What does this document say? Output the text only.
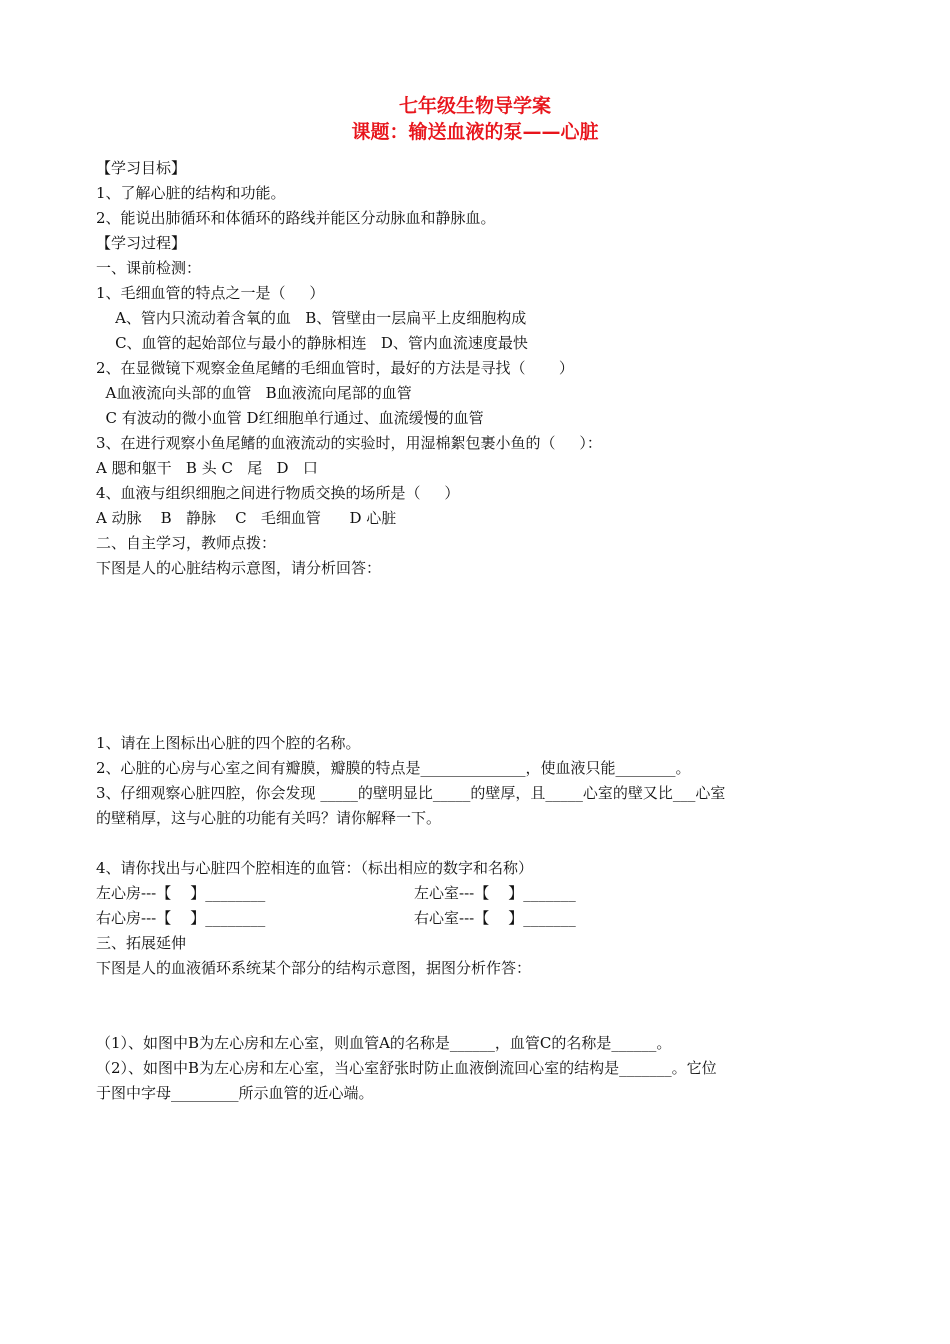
七年级生物导学案
课题：输送血液的泵——心脏
【学习目标】
1、了解心脏的结构和功能。
2、能说出肺循环和体循环的路线并能区分动脉血和静脉血。
【学习过程】
一、课前检测：
1、毛细血管的特点之一是（     ）
A、管内只流动着含氧的血   B、管壁由一层扁平上皮细胞构成
C、血管的起始部位与最小的静脉相连   D、管内血流速度最快
2、在显微镜下观察金鱼尾鳍的毛细血管时，最好的方法是寻找（       ）
A血液流向头部的血管   B血液流向尾部的血管
C 有波动的微小血管 D红细胞单行通过、血流缓慢的血管
3、在进行观察小鱼尾鳍的血液流动的实验时，用湿棉絮包裹小鱼的（     ）：
A 腮和躯干   B 头 C   尾   D   口
4、血液与组织细胞之间进行物质交换的场所是（     ）
A 动脉    B   静脉    C   毛细血管      D 心脏
二、自主学习，教师点拨：
下图是人的心脏结构示意图，请分析回答：
1、请在上图标出心脏的四个腔的名称。
2、心脏的心房与心室之间有瓣膜，瓣膜的特点是______________，使血液只能________。
3、仔细观察心脏四腔，你会发现 _____的壁明显比_____的壁厚，且_____心室的壁又比___心室
的壁稍厚，这与心脏的功能有关吗？请你解释一下。
4、请你找出与心脏四个腔相连的血管：（标出相应的数字和名称）
左心房---【    】________	左心室---【    】_______
右心房---【    】________	右心室---【    】_______
三、拓展延伸
下图是人的血液循环系统某个部分的结构示意图，据图分析作答：
（1）、如图中B为左心房和左心室，则血管A的名称是______，血管C的名称是______。
（2）、如图中B为左心房和左心室，当心室舒张时防止血液倒流回心室的结构是_______。它位
于图中字母_________所示血管的近心端。
